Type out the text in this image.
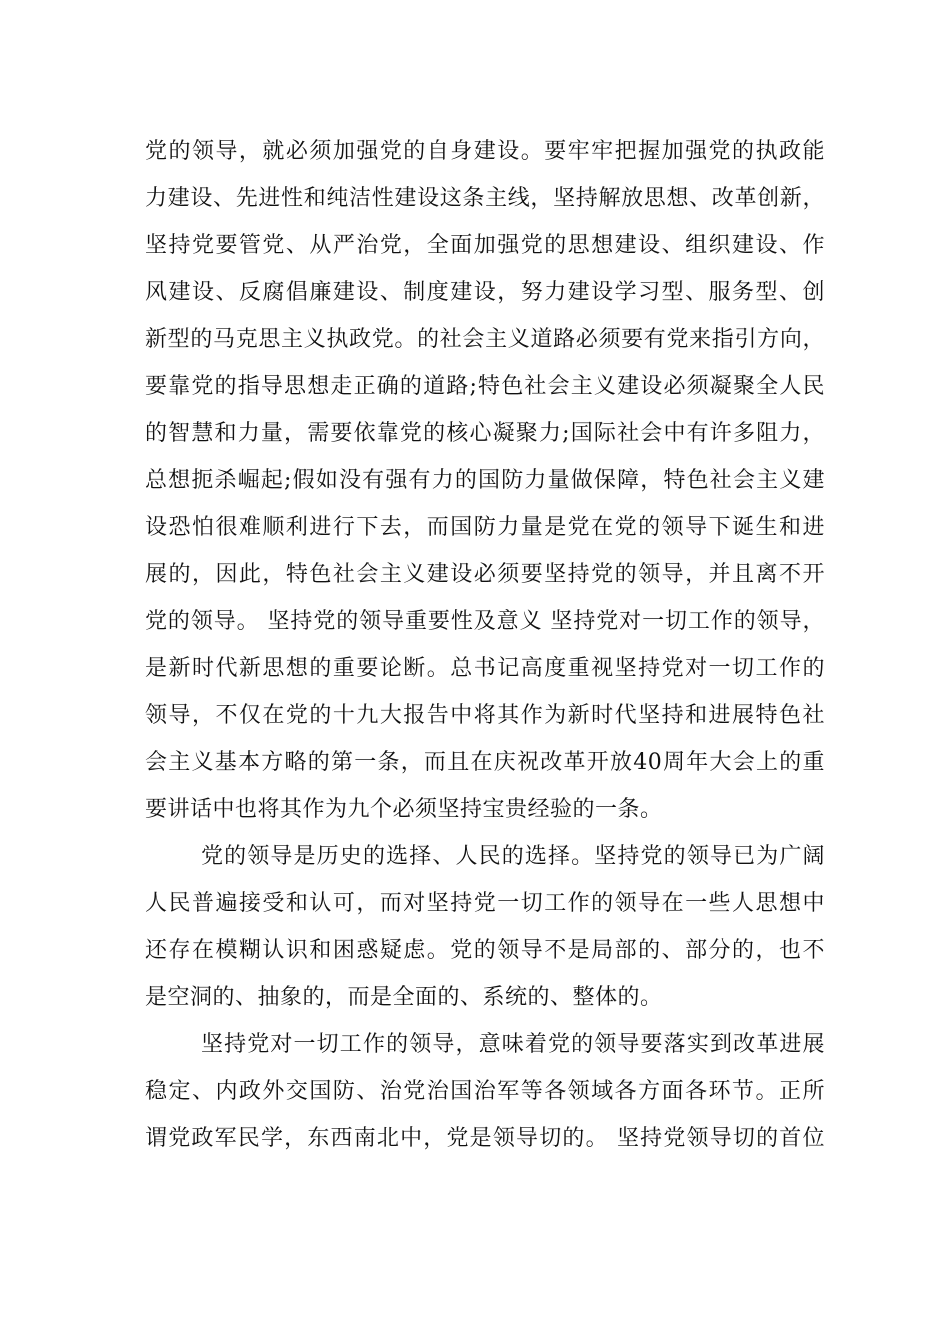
党的领导，就必须加强党的自身建设。要牢牢把握加强党的执政能
力建设、先进性和纯洁性建设这条主线，坚持解放思想、改革创新，
坚持党要管党、从严治党，全面加强党的思想建设、组织建设、作
风建设、反腐倡廉建设、制度建设，努力建设学习型、服务型、创
新型的马克思主义执政党。的社会主义道路必须要有党来指引方向，
要靠党的指导思想走正确的道路;特色社会主义建设必须凝聚全人民
的智慧和力量，需要依靠党的核心凝聚力;国际社会中有许多阻力，
总想扼杀崛起;假如没有强有力的国防力量做保障，特色社会主义建
设恐怕很难顺利进行下去，而国防力量是党在党的领导下诞生和进
展的，因此，特色社会主义建设必须要坚持党的领导，并且离不开
党的领导。 坚持党的领导重要性及意义 坚持党对一切工作的领导，
是新时代新思想的重要论断。总书记高度重视坚持党对一切工作的
领导，不仅在党的十九大报告中将其作为新时代坚持和进展特色社
会主义基本方略的第一条，而且在庆祝改革开放40周年大会上的重
要讲话中也将其作为九个必须坚持宝贵经验的一条。
党的领导是历史的选择、人民的选择。坚持党的领导已为广阔
人民普遍接受和认可，而对坚持党一切工作的领导在一些人思想中
还存在模糊认识和困惑疑虑。党的领导不是局部的、部分的，也不
是空洞的、抽象的，而是全面的、系统的、整体的。
坚持党对一切工作的领导，意味着党的领导要落实到改革进展
稳定、内政外交国防、治党治国治军等各领域各方面各环节。正所
谓党政军民学，东西南北中，党是领导切的。 坚持党领导切的首位
